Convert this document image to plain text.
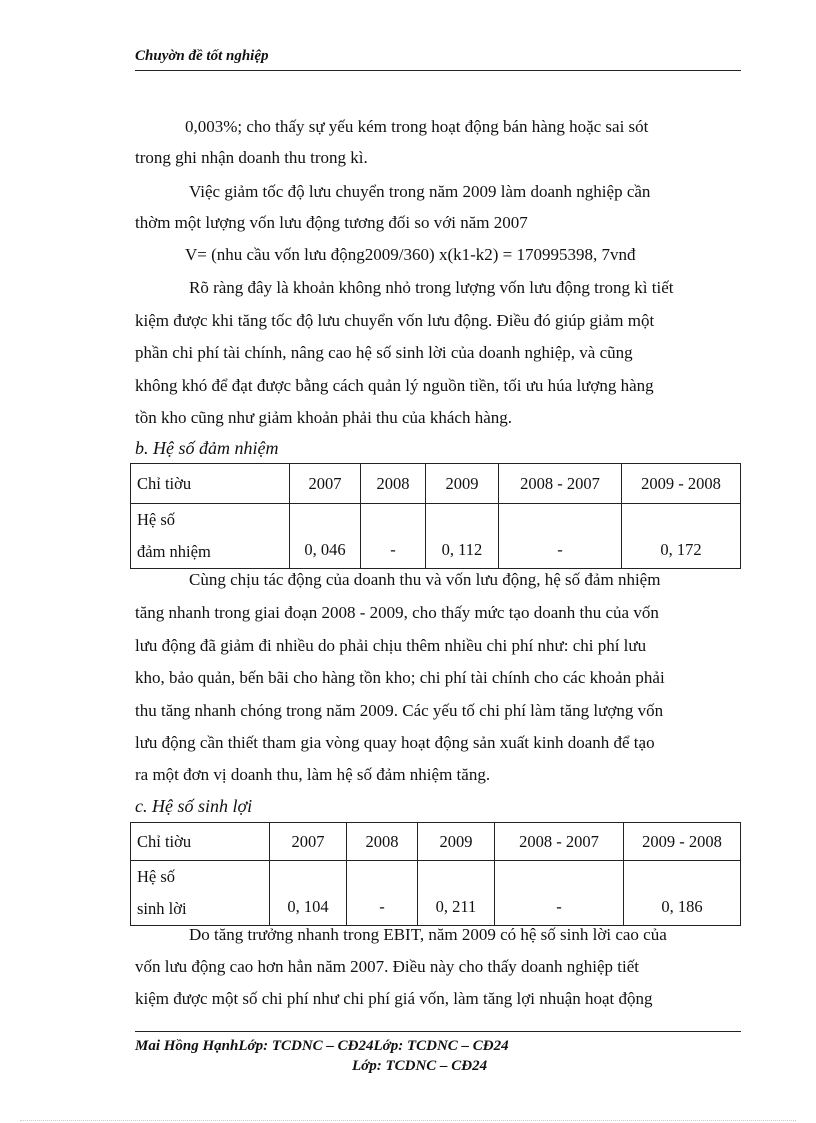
Chuyờn đề tốt nghiệp
0,003%; cho thấy sự yếu kém trong hoạt động bán hàng hoặc sai sót
trong ghi nhận doanh thu trong kì.
Việc giảm tốc độ lưu chuyển trong năm 2009 làm doanh nghiệp cần
thờm một lượng vốn lưu động tương đối so với năm 2007
V= (nhu cầu vốn lưu động2009/360) x(k1-k2) = 170995398, 7vnđ
Rõ ràng đây là khoản không nhỏ trong lượng vốn lưu động trong kì tiết
kiệm được khi tăng tốc độ lưu chuyển vốn lưu động. Điều đó giúp giảm một
phần chi phí tài chính, nâng cao hệ số sinh lời của doanh nghiệp, và cũng
không khó để đạt được bằng cách quản lý nguồn tiền, tối ưu húa lượng hàng
tồn kho cũng như giảm khoản phải thu của khách hàng.
b. Hệ số đảm nhiệm
Chỉ tiờu	2007	2008	2009	2008 - 2007	2009 - 2008

Hệ số
đảm nhiệm	0, 046	-	0, 112	-	0, 172
Cùng chịu tác động của doanh thu và vốn lưu động, hệ số đảm nhiệm
tăng nhanh trong giai đoạn 2008 - 2009, cho thấy mức tạo doanh thu của vốn
lưu động đã giảm đi nhiều do phải chịu thêm nhiều chi phí như: chi phí lưu
kho, bảo quản, bến bãi cho hàng tồn kho; chi phí tài chính cho các khoản phải
thu tăng nhanh chóng trong năm 2009. Các yếu tố chi phí làm tăng lượng vốn
lưu động cần thiết tham gia vòng quay hoạt động sản xuất kinh doanh để tạo
ra một đơn vị doanh thu, làm hệ số đảm nhiệm tăng.
c. Hệ số sinh lợi
Chỉ tiờu	2007	2008	2009	2008 - 2007	2009 - 2008

Hệ số
sinh lời	0, 104	-	0, 211	-	0, 186
Do tăng trưởng nhanh trong EBIT, năm 2009 có hệ số sinh lời cao của
vốn lưu động cao hơn hẳn năm 2007. Điều này cho thấy doanh nghiệp tiết
kiệm được một số chi phí như chi phí giá vốn, làm tăng lợi nhuận hoạt động
Mai Hồng HạnhLớp: TCDNC – CĐ24Lớp: TCDNC – CĐ24
Lớp: TCDNC – CĐ24
